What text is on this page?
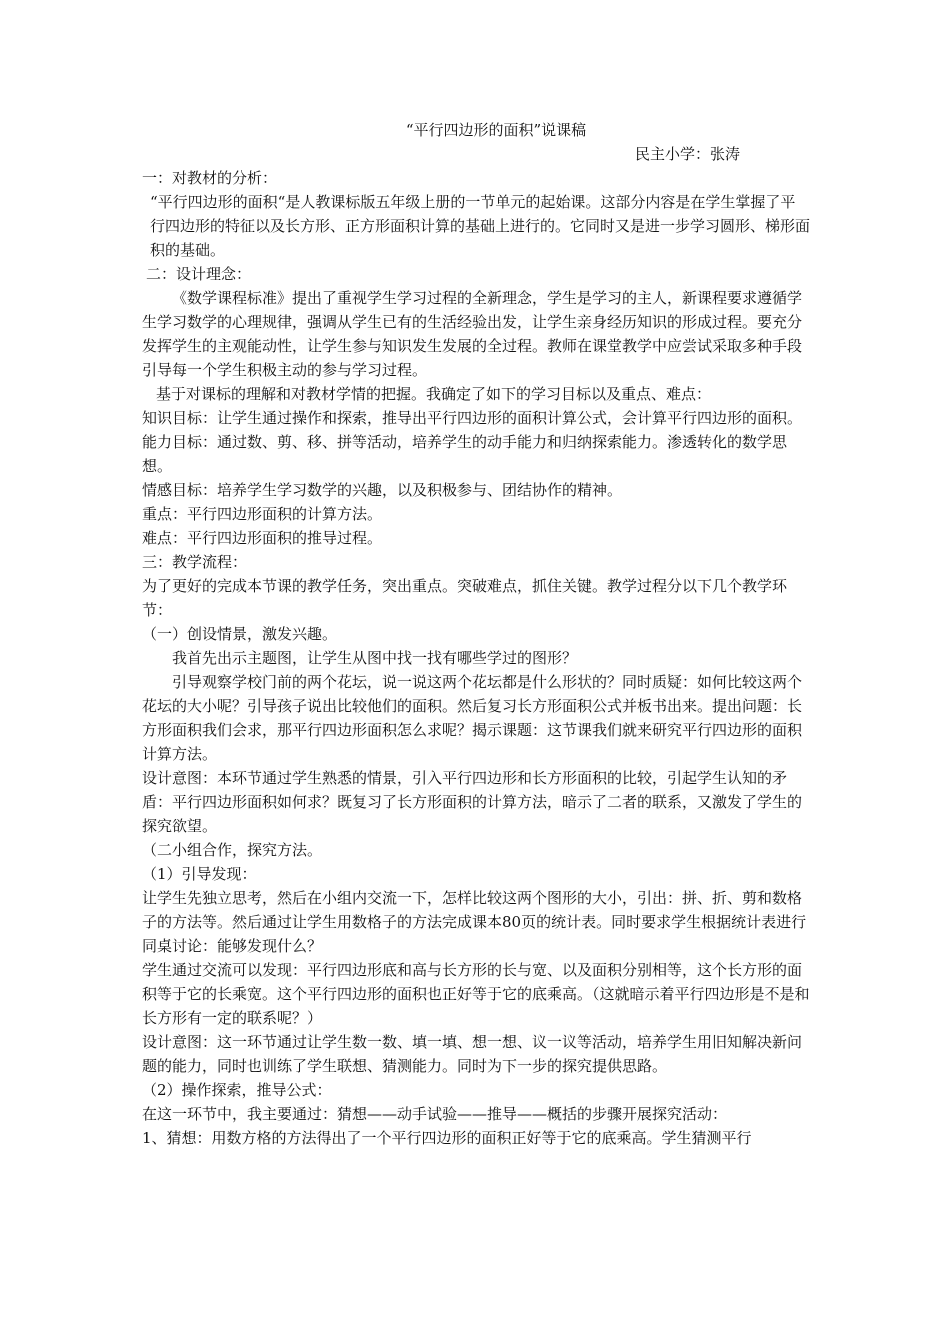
“平行四边形的面积”说课稿

民主小学：张涛

一：对教材的分析：

“平行四边形的面积“是人教课标版五年级上册的一节单元的起始课。这部分内容是在学生掌握了平行四边形的特征以及长方形、正方形面积计算的基础上进行的。它同时又是进一步学习圆形、梯形面积的基础。

二：设计理念：

《数学课程标准》提出了重视学生学习过程的全新理念，学生是学习的主人，新课程要求遵循学生学习数学的心理规律，强调从学生已有的生活经验出发，让学生亲身经历知识的形成过程。要充分发挥学生的主观能动性，让学生参与知识发生发展的全过程。教师在课堂教学中应尝试采取多种手段引导每一个学生积极主动的参与学习过程。

基于对课标的理解和对教材学情的把握。我确定了如下的学习目标以及重点、难点：

知识目标：让学生通过操作和探索，推导出平行四边形的面积计算公式，会计算平行四边形的面积。

能力目标：通过数、剪、移、拼等活动，培养学生的动手能力和归纳探索能力。渗透转化的数学思想。

情感目标：培养学生学习数学的兴趣，以及积极参与、团结协作的精神。

重点：平行四边形面积的计算方法。

难点：平行四边形面积的推导过程。

三：教学流程：

为了更好的完成本节课的教学任务，突出重点。突破难点，抓住关键。教学过程分以下几个教学环节：

（一）创设情景，激发兴趣。

我首先出示主题图，让学生从图中找一找有哪些学过的图形？

引导观察学校门前的两个花坛，说一说这两个花坛都是什么形状的？同时质疑：如何比较这两个花坛的大小呢？引导孩子说出比较他们的面积。然后复习长方形面积公式并板书出来。提出问题：长方形面积我们会求，那平行四边形面积怎么求呢？揭示课题：这节课我们就来研究平行四边形的面积计算方法。

设计意图：本环节通过学生熟悉的情景，引入平行四边形和长方形面积的比较，引起学生认知的矛盾：平行四边形面积如何求？既复习了长方形面积的计算方法，暗示了二者的联系，又激发了学生的探究欲望。

（二小组合作，探究方法。

（1）引导发现：

让学生先独立思考，然后在小组内交流一下，怎样比较这两个图形的大小，引出：拼、折、剪和数格子的方法等。然后通过让学生用数格子的方法完成课本80页的统计表。同时要求学生根据统计表进行同桌讨论：能够发现什么？

学生通过交流可以发现：平行四边形底和高与长方形的长与宽、以及面积分别相等，这个长方形的面积等于它的长乘宽。这个平行四边形的面积也正好等于它的底乘高。（这就暗示着平行四边形是不是和长方形有一定的联系呢？）

设计意图：这一环节通过让学生数一数、填一填、想一想、议一议等活动，培养学生用旧知解决新问题的能力，同时也训练了学生联想、猜测能力。同时为下一步的探究提供思路。

（2）操作探索，推导公式：

在这一环节中，我主要通过：猜想——动手试验——推导——概括的步骤开展探究活动：

1、猜想：用数方格的方法得出了一个平行四边形的面积正好等于它的底乘高。学生猜测平行
